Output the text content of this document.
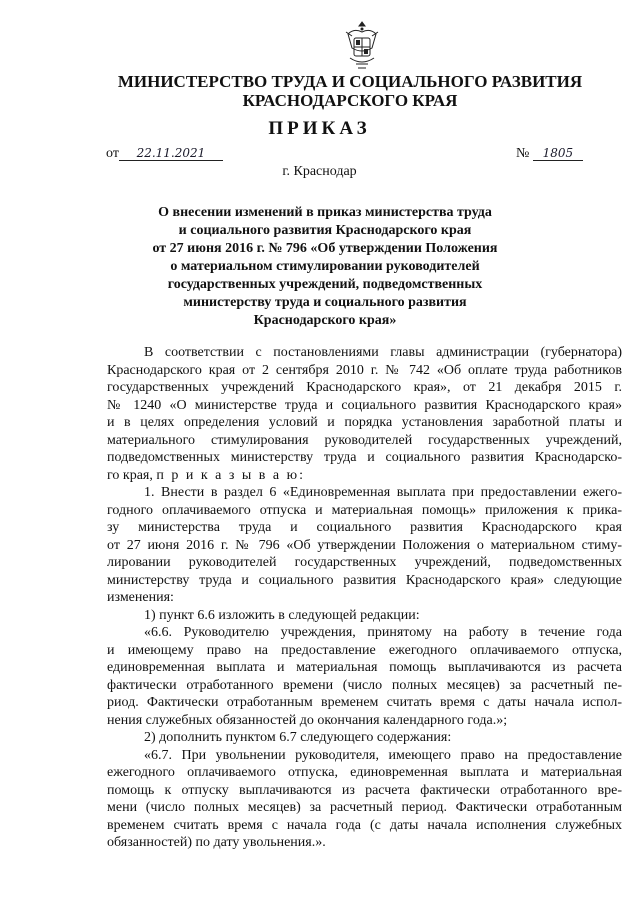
МИНИСТЕРСТВО ТРУДА И СОЦИАЛЬНОГО РАЗВИТИЯ
КРАСНОДАРСКОГО КРАЯ
ПРИКАЗ
от 22.11.2021	№ 1805
г. Краснодар
О внесении изменений в приказ министерства труда
и социального развития Краснодарского края
от 27 июня 2016 г. № 796 «Об утверждении Положения
о материальном стимулировании руководителей
государственных учреждений, подведомственных
министерству труда и социального развития
Краснодарского края»
В соответствии с постановлениями главы администрации (губернатора)
Краснодарского края от 2 сентября 2010 г. № 742 «Об оплате труда работников
государственных учреждений Краснодарского края», от 21 декабря 2015 г.
№ 1240 «О министерстве труда и социального развития Краснодарского края»
и в целях определения условий и порядка установления заработной платы и
материального стимулирования руководителей государственных учреждений,
подведомственных министерству труда и социального развития Краснодарско-
го края, п р и к а з ы в а ю:
1. Внести в раздел 6 «Единовременная выплата при предоставлении ежего-
годного оплачиваемого отпуска и материальная помощь» приложения к прика-
зу министерства труда и социального развития Краснодарского края
от 27 июня 2016 г. № 796 «Об утверждении Положения о материальном стиму-
лировании руководителей государственных учреждений, подведомственных
министерству труда и социального развития Краснодарского края» следующие
изменения:
1) пункт 6.6 изложить в следующей редакции:
«6.6. Руководителю учреждения, принятому на работу в течение года
и имеющему право на предоставление ежегодного оплачиваемого отпуска,
единовременная выплата и материальная помощь выплачиваются из расчета
фактически отработанного времени (число полных месяцев) за расчетный пе-
риод. Фактически отработанным временем считать время с даты начала испол-
нения служебных обязанностей до окончания календарного года.»;
2) дополнить пунктом 6.7 следующего содержания:
«6.7. При увольнении руководителя, имеющего право на предоставление
ежегодного оплачиваемого отпуска, единовременная выплата и материальная
помощь к отпуску выплачиваются из расчета фактически отработанного вре-
мени (число полных месяцев) за расчетный период. Фактически отработанным
временем считать время с начала года (с даты начала исполнения служебных
обязанностей) по дату увольнения.».
